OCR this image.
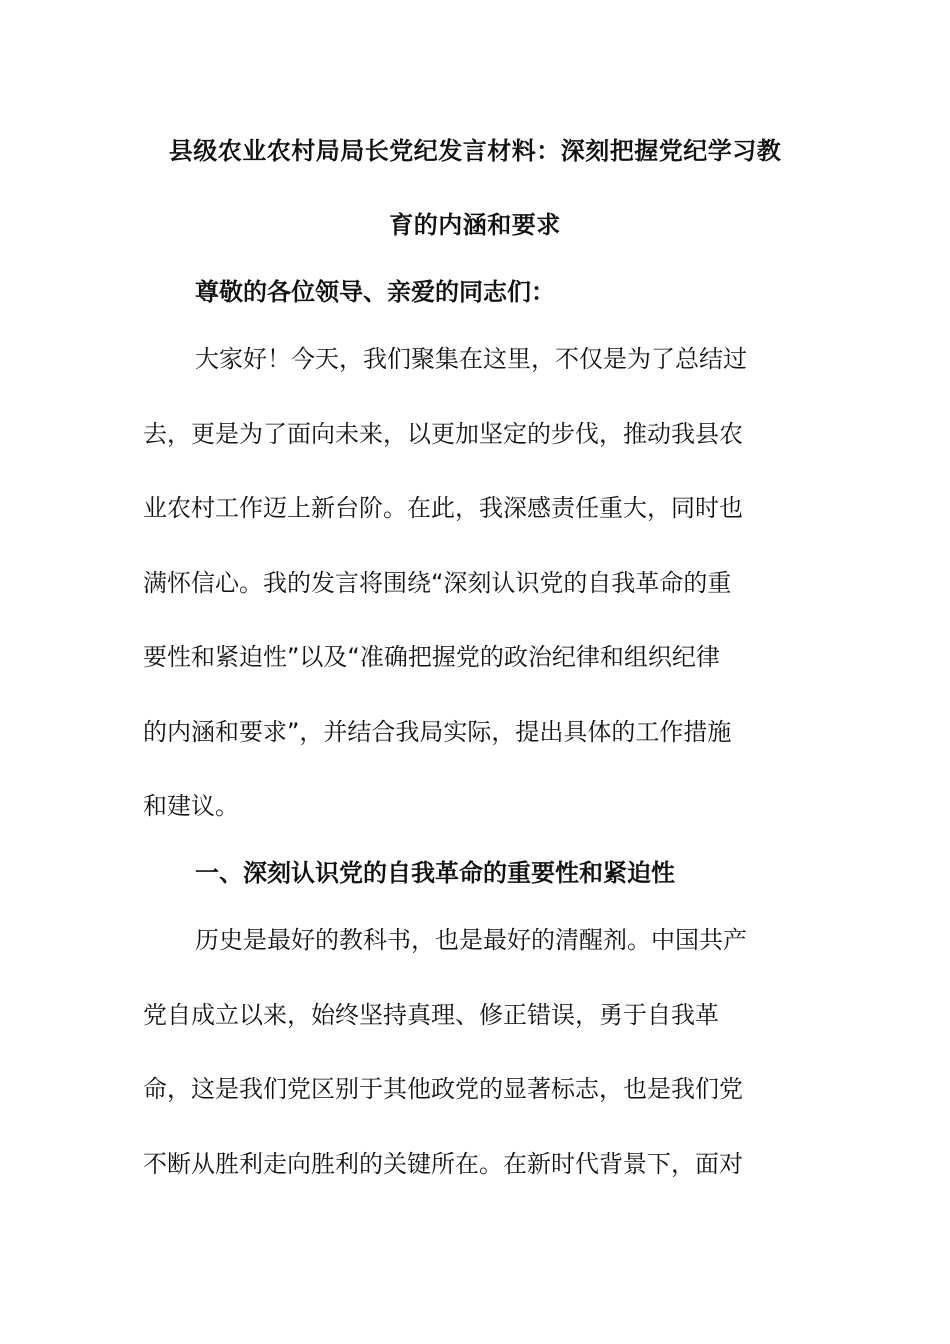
县级农业农村局局长党纪发言材料：深刻把握党纪学习教
育的内涵和要求
尊敬的各位领导、亲爱的同志们：
大家好！今天，我们聚集在这里，不仅是为了总结过
去，更是为了面向未来，以更加坚定的步伐，推动我县农
业农村工作迈上新台阶。在此，我深感责任重大，同时也
满怀信心。我的发言将围绕“深刻认识党的自我革命的重
要性和紧迫性”以及“准确把握党的政治纪律和组织纪律
的内涵和要求”，并结合我局实际，提出具体的工作措施
和建议。
一、深刻认识党的自我革命的重要性和紧迫性
历史是最好的教科书，也是最好的清醒剂。中国共产
党自成立以来，始终坚持真理、修正错误，勇于自我革
命，这是我们党区别于其他政党的显著标志，也是我们党
不断从胜利走向胜利的关键所在。在新时代背景下，面对
